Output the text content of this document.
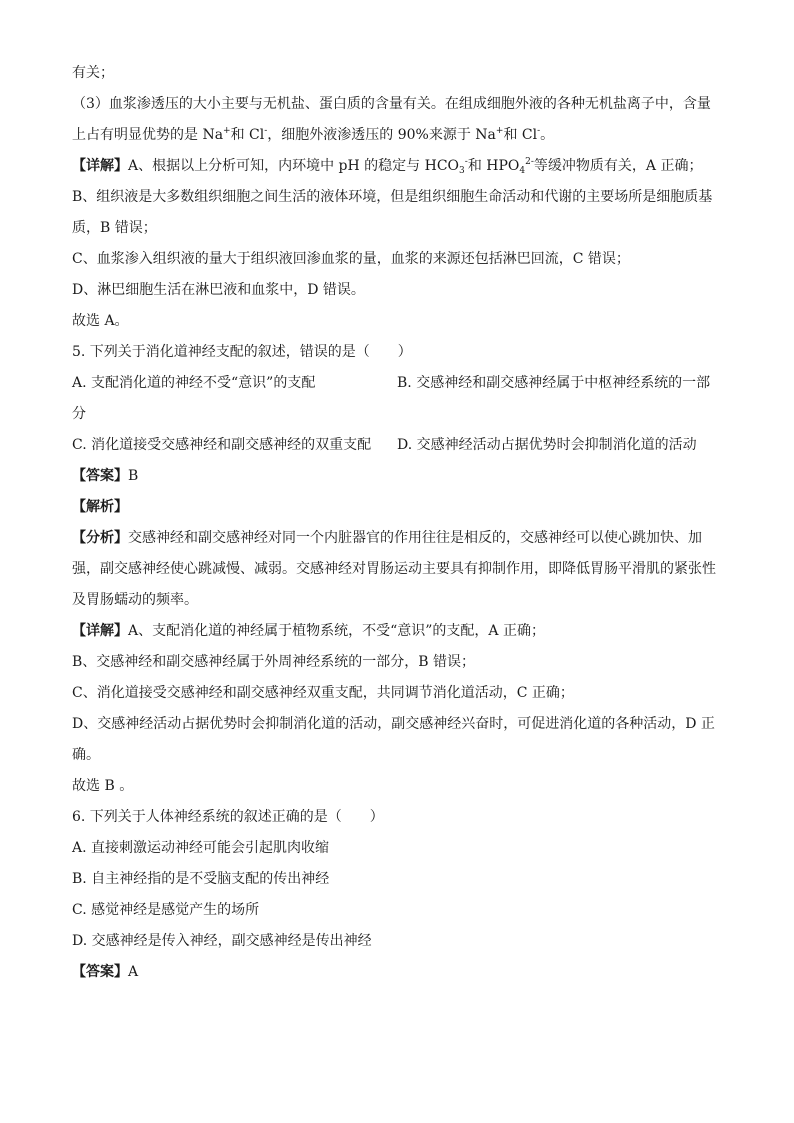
有关；
（3）血浆渗透压的大小主要与无机盐、蛋白质的含量有关。在组成细胞外液的各种无机盐离子中，含量
上占有明显优势的是 Na+和 Cl-，细胞外液渗透压的 90%来源于 Na+和 Cl-。
【详解】A、根据以上分析可知，内环境中 pH 的稳定与 $HCO_3^-$和 $HPO_4^{2-}$等缓冲物质有关，A 正确；
B、组织液是大多数组织细胞之间生活的液体环境，但是组织细胞生命活动和代谢的主要场所是细胞质基
质，B 错误；
C、血浆渗入组织液的量大于组织液回渗血浆的量，血浆的来源还包括淋巴回流，C 错误；
D、淋巴细胞生活在淋巴液和血浆中，D 错误。
故选 A。
5. 下列关于消化道神经支配的叙述，错误的是（　　）
A. 支配消化道的神经不受“意识”的支配	B. 交感神经和副交感神经属于中枢神经系统的一部
分
C. 消化道接受交感神经和副交感神经的双重支配	D. 交感神经活动占据优势时会抑制消化道的活动
【答案】B
【解析】
【分析】交感神经和副交感神经对同一个内脏器官的作用往往是相反的，交感神经可以使心跳加快、加
强，副交感神经使心跳减慢、减弱。交感神经对胃肠运动主要具有抑制作用，即降低胃肠平滑肌的紧张性
及胃肠蠕动的频率。
【详解】A、支配消化道的神经属于植物系统，不受“意识”的支配，A 正确；
B、交感神经和副交感神经属于外周神经系统的一部分，B 错误；
C、消化道接受交感神经和副交感神经双重支配，共同调节消化道活动，C 正确；
D、交感神经活动占据优势时会抑制消化道的活动，副交感神经兴奋时，可促进消化道的各种活动，D 正
确。
故选 B 。
6. 下列关于人体神经系统的叙述正确的是（　　）
A. 直接刺激运动神经可能会引起肌肉收缩
B. 自主神经指的是不受脑支配的传出神经
C. 感觉神经是感觉产生的场所
D. 交感神经是传入神经，副交感神经是传出神经
【答案】A
